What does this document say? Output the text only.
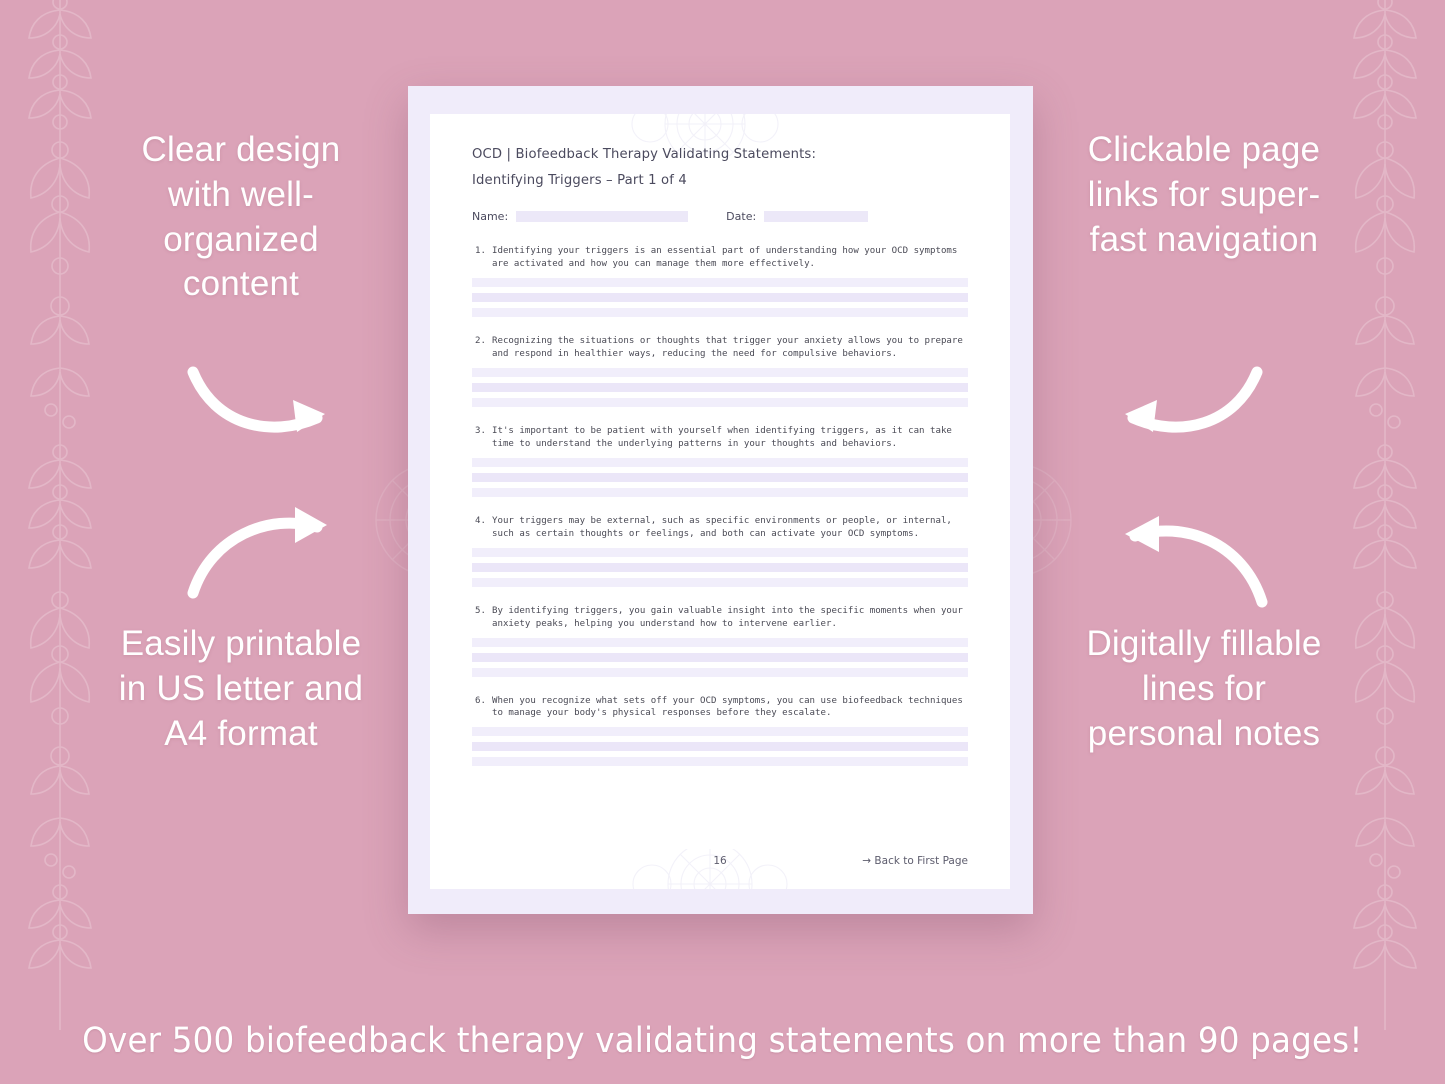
Clear design with well-organized content
Easily printable in US letter and A4 format
Clickable page links for super-fast navigation
Digitally fillable lines for personal notes
OCD | Biofeedback Therapy Validating Statements:
Identifying Triggers – Part 1 of 4
Name:	Date:
1. Identifying your triggers is an essential part of understanding how your OCD symptoms are activated and how you can manage them more effectively.
2. Recognizing the situations or thoughts that trigger your anxiety allows you to prepare and respond in healthier ways, reducing the need for compulsive behaviors.
3. It's important to be patient with yourself when identifying triggers, as it can take time to understand the underlying patterns in your thoughts and behaviors.
4. Your triggers may be external, such as specific environments or people, or internal, such as certain thoughts or feelings, and both can activate your OCD symptoms.
5. By identifying triggers, you gain valuable insight into the specific moments when your anxiety peaks, helping you understand how to intervene earlier.
6. When you recognize what sets off your OCD symptoms, you can use biofeedback techniques to manage your body's physical responses before they escalate.
16	→ Back to First Page
Over 500 biofeedback therapy validating statements on more than 90 pages!
